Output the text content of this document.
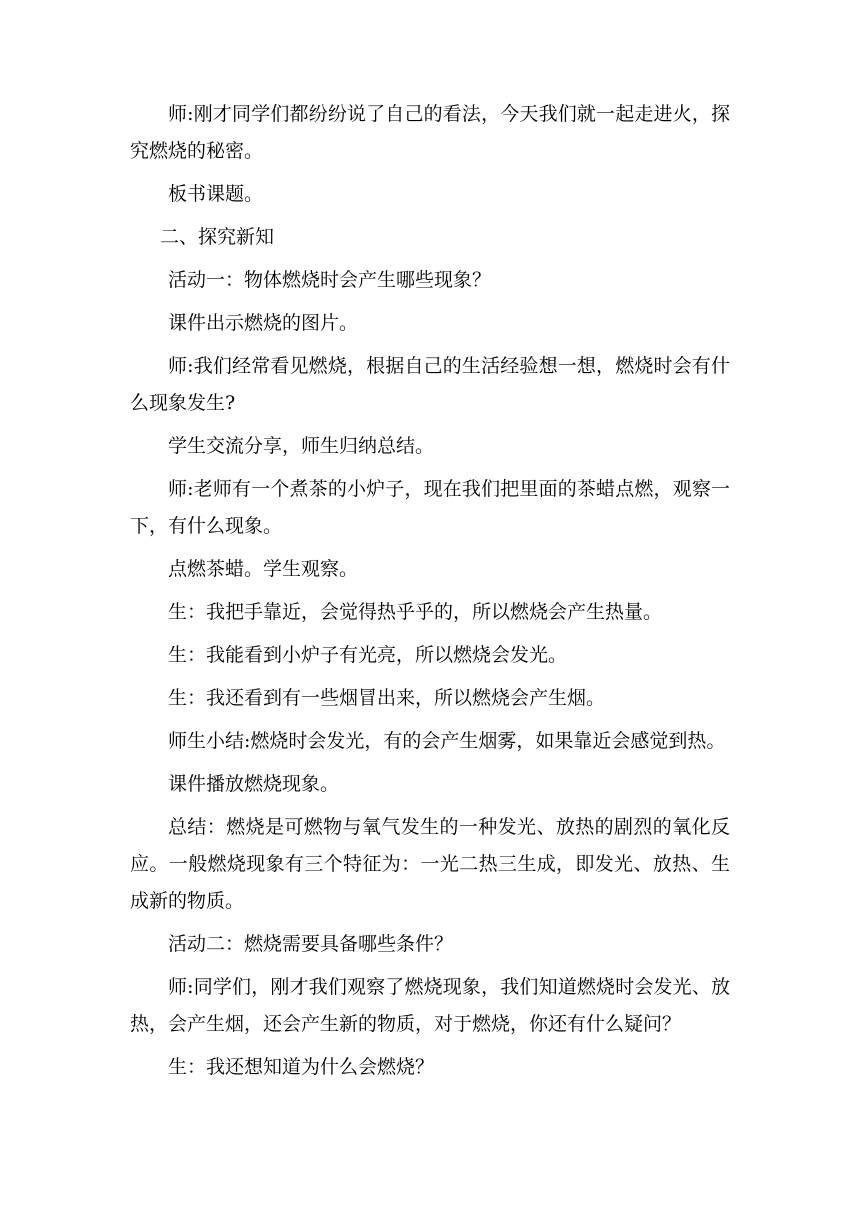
师:刚才同学们都纷纷说了自己的看法，今天我们就一起走进火，探究燃烧的秘密。

板书课题。

二、探究新知

活动一：物体燃烧时会产生哪些现象？

课件出示燃烧的图片。

师:我们经常看见燃烧，根据自己的生活经验想一想，燃烧时会有什么现象发生?

学生交流分享，师生归纳总结。

师:老师有一个煮茶的小炉子，现在我们把里面的茶蜡点燃，观察一下，有什么现象。

点燃茶蜡。学生观察。

生：我把手靠近，会觉得热乎乎的，所以燃烧会产生热量。

生：我能看到小炉子有光亮，所以燃烧会发光。

生：我还看到有一些烟冒出来，所以燃烧会产生烟。

师生小结:燃烧时会发光，有的会产生烟雾，如果靠近会感觉到热。

课件播放燃烧现象。

总结：燃烧是可燃物与氧气发生的一种发光、放热的剧烈的氧化反应。一般燃烧现象有三个特征为：一光二热三生成，即发光、放热、生成新的物质。

活动二：燃烧需要具备哪些条件？

师:同学们，刚才我们观察了燃烧现象，我们知道燃烧时会发光、放热，会产生烟，还会产生新的物质，对于燃烧，你还有什么疑问？

生：我还想知道为什么会燃烧？
